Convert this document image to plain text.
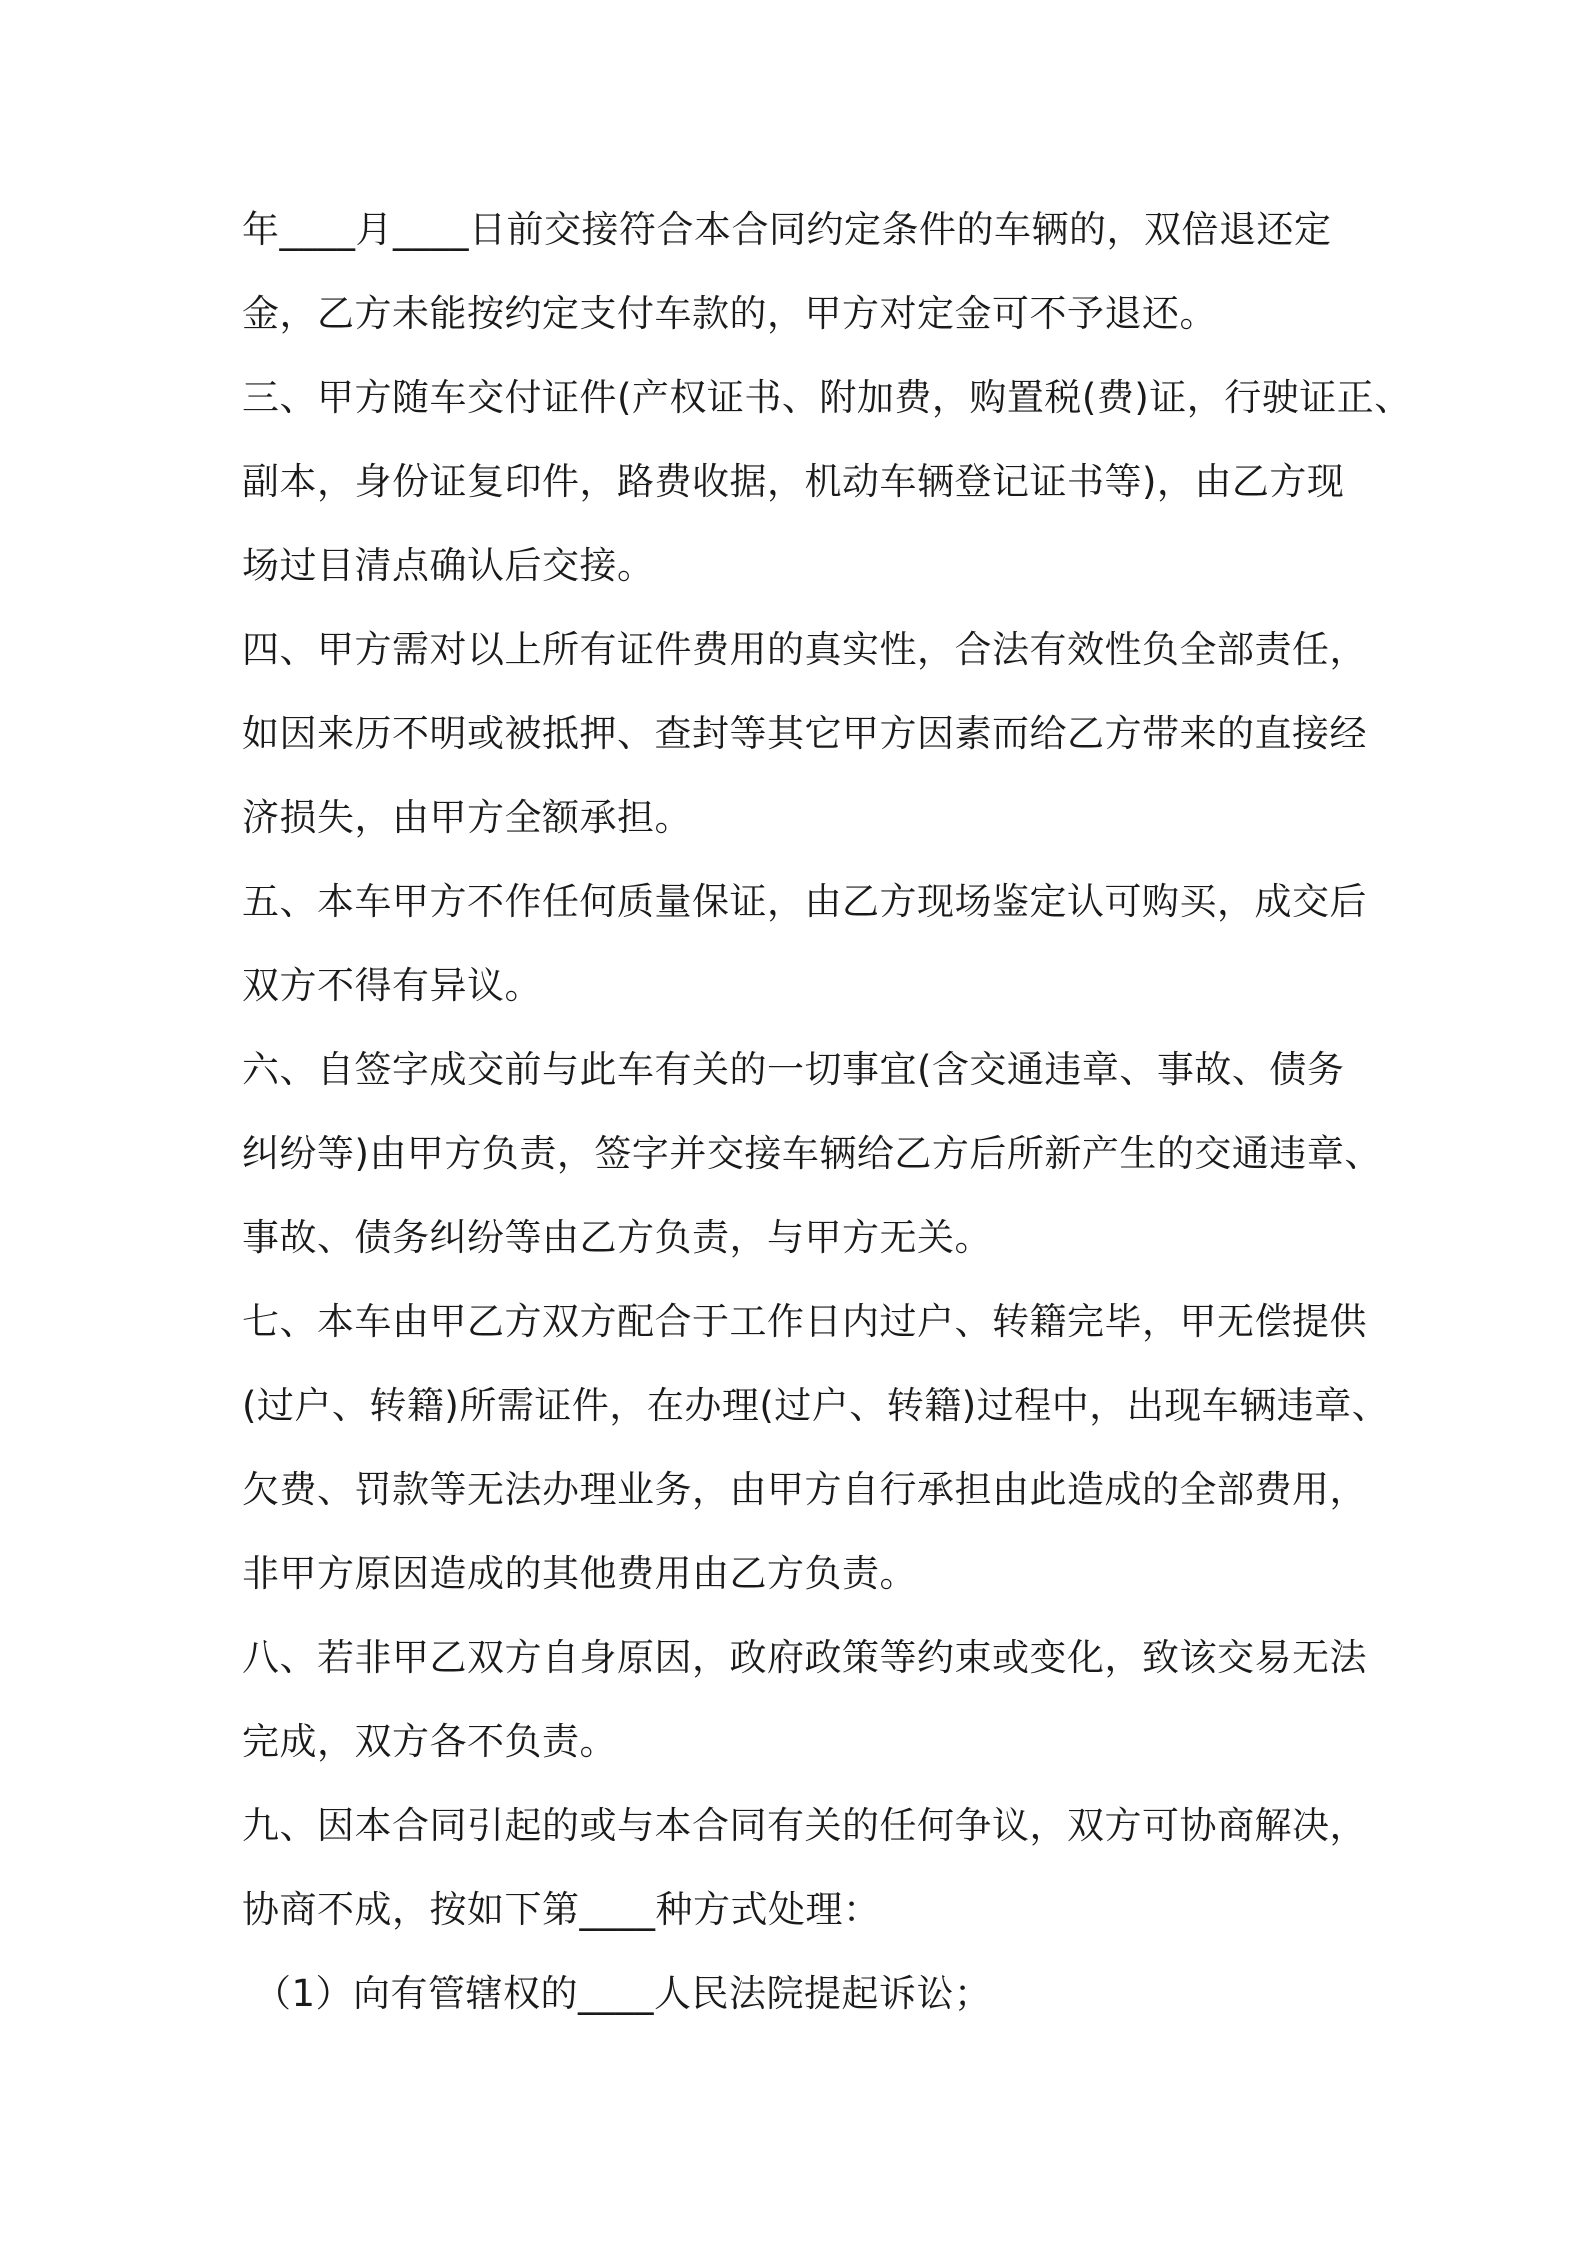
年____月____日前交接符合本合同约定条件的车辆的，双倍退还定
金，乙方未能按约定支付车款的，甲方对定金可不予退还。
三、甲方随车交付证件(产权证书、附加费，购置税(费)证，行驶证正、
副本，身份证复印件，路费收据，机动车辆登记证书等)，由乙方现
场过目清点确认后交接。
四、甲方需对以上所有证件费用的真实性，合法有效性负全部责任，
如因来历不明或被抵押、查封等其它甲方因素而给乙方带来的直接经
济损失，由甲方全额承担。
五、本车甲方不作任何质量保证，由乙方现场鉴定认可购买，成交后
双方不得有异议。
六、自签字成交前与此车有关的一切事宜(含交通违章、事故、债务
纠纷等)由甲方负责，签字并交接车辆给乙方后所新产生的交通违章、
事故、债务纠纷等由乙方负责，与甲方无关。
七、本车由甲乙方双方配合于工作日内过户、转籍完毕，甲无偿提供
(过户、转籍)所需证件，在办理(过户、转籍)过程中，出现车辆违章、
欠费、罚款等无法办理业务，由甲方自行承担由此造成的全部费用，
非甲方原因造成的其他费用由乙方负责。
八、若非甲乙双方自身原因，政府政策等约束或变化，致该交易无法
完成，双方各不负责。
九、因本合同引起的或与本合同有关的任何争议，双方可协商解决，
协商不成，按如下第____种方式处理：
（1）向有管辖权的____人民法院提起诉讼；
